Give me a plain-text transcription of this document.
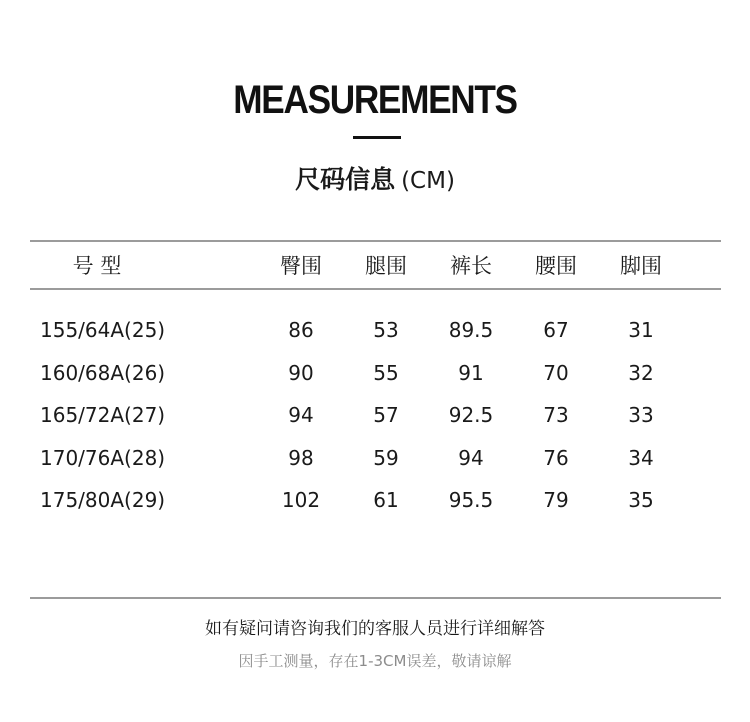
MEASUREMENTS
尺码信息 (CM)
号 型	臀围 腿围 裤长 腰围 脚围
155/64A(25)	86	53	89.5	67	31
160/68A(26)	90	55	91	70	32
165/72A(27)	94	57	92.5	73	33
170/76A(28)	98	59	94	76	34
175/80A(29)	102	61	95.5	79	35
如有疑问请咨询我们的客服人员进行详细解答
因手工测量，存在1-3CM误差，敬请谅解
